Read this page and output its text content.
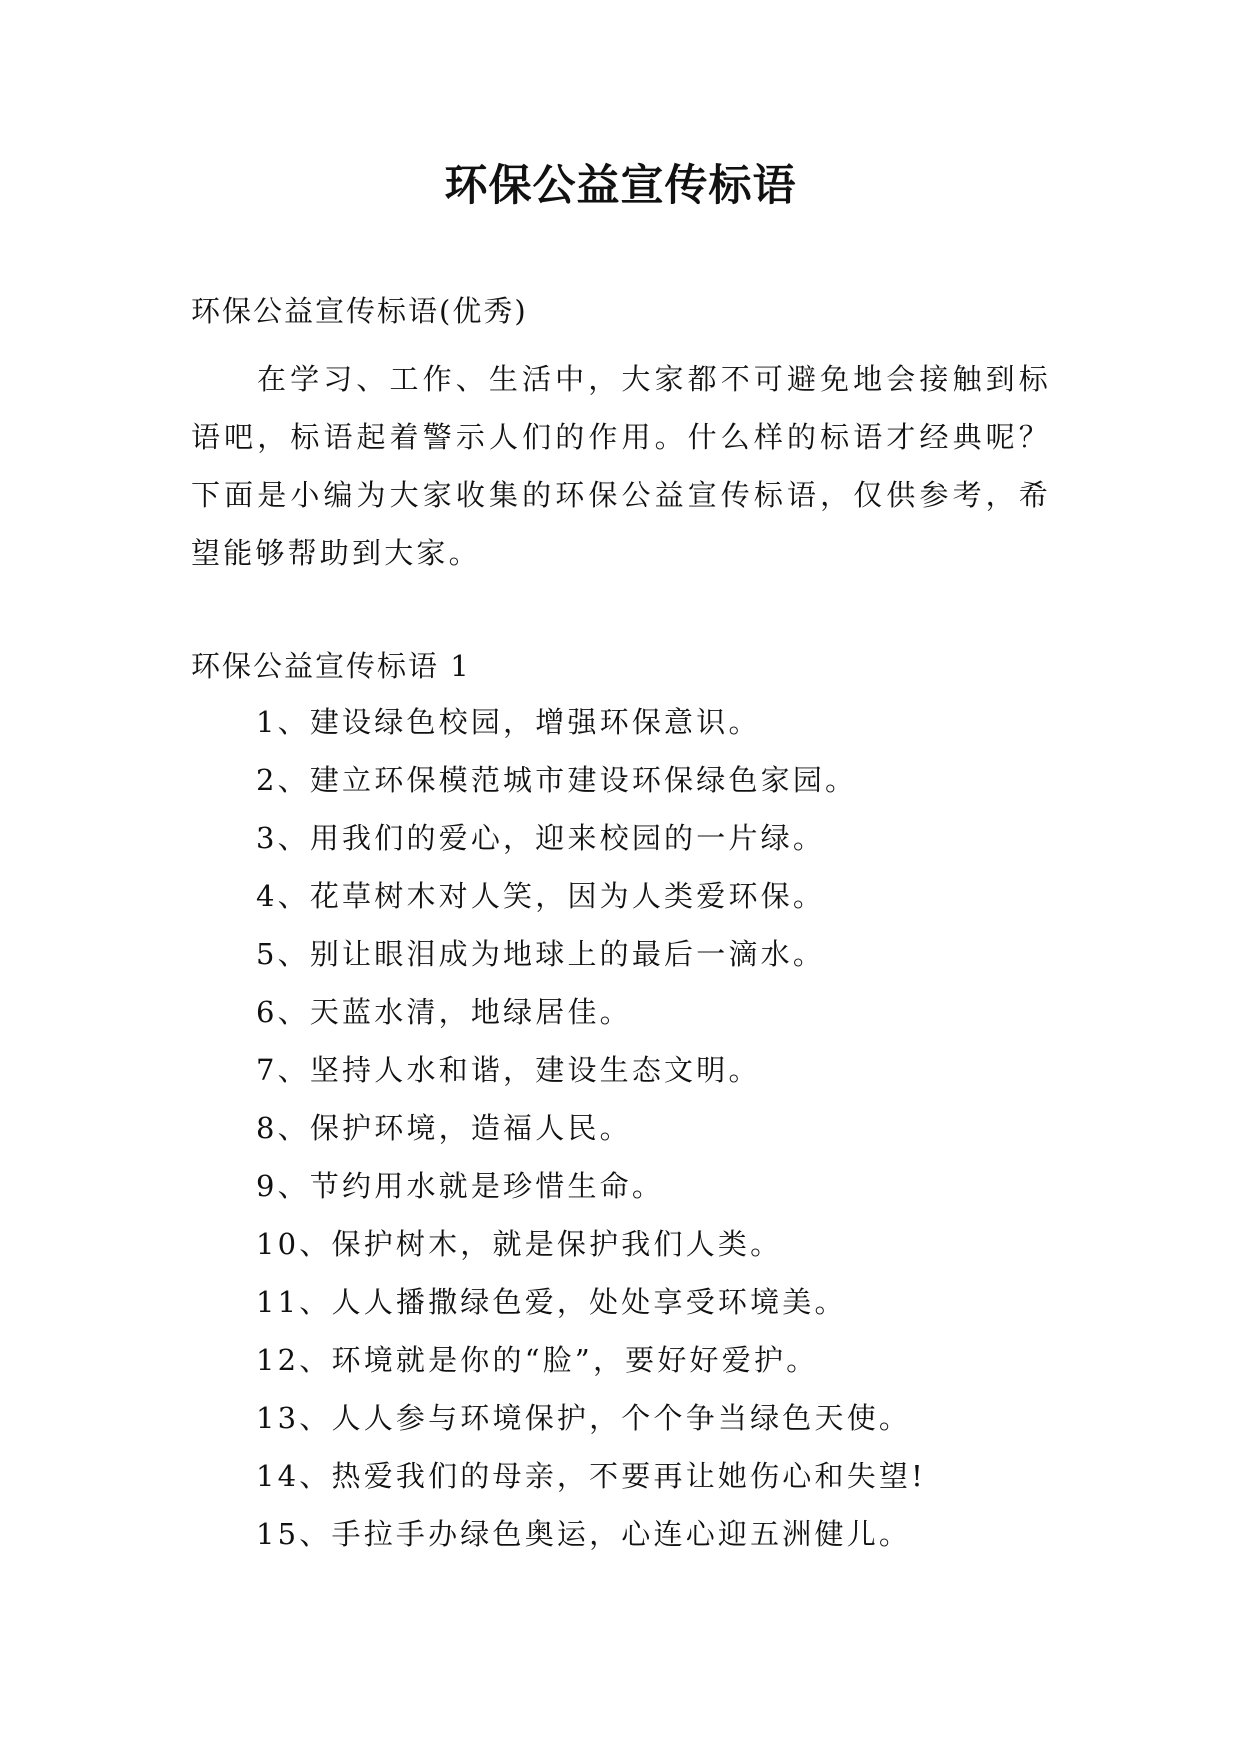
环保公益宣传标语
环保公益宣传标语(优秀)

在学习、工作、生活中，大家都不可避免地会接触到标语吧，标语起着警示人们的作用。什么样的标语才经典呢？下面是小编为大家收集的环保公益宣传标语，仅供参考，希望能够帮助到大家。

环保公益宣传标语 1
1、建设绿色校园，增强环保意识。
2、建立环保模范城市建设环保绿色家园。
3、用我们的爱心，迎来校园的一片绿。
4、花草树木对人笑，因为人类爱环保。
5、别让眼泪成为地球上的最后一滴水。
6、天蓝水清，地绿居佳。
7、坚持人水和谐，建设生态文明。
8、保护环境，造福人民。
9、节约用水就是珍惜生命。
10、保护树木，就是保护我们人类。
11、人人播撒绿色爱，处处享受环境美。
12、环境就是你的“脸”，要好好爱护。
13、人人参与环境保护，个个争当绿色天使。
14、热爱我们的母亲，不要再让她伤心和失望!
15、手拉手办绿色奥运，心连心迎五洲健儿。
